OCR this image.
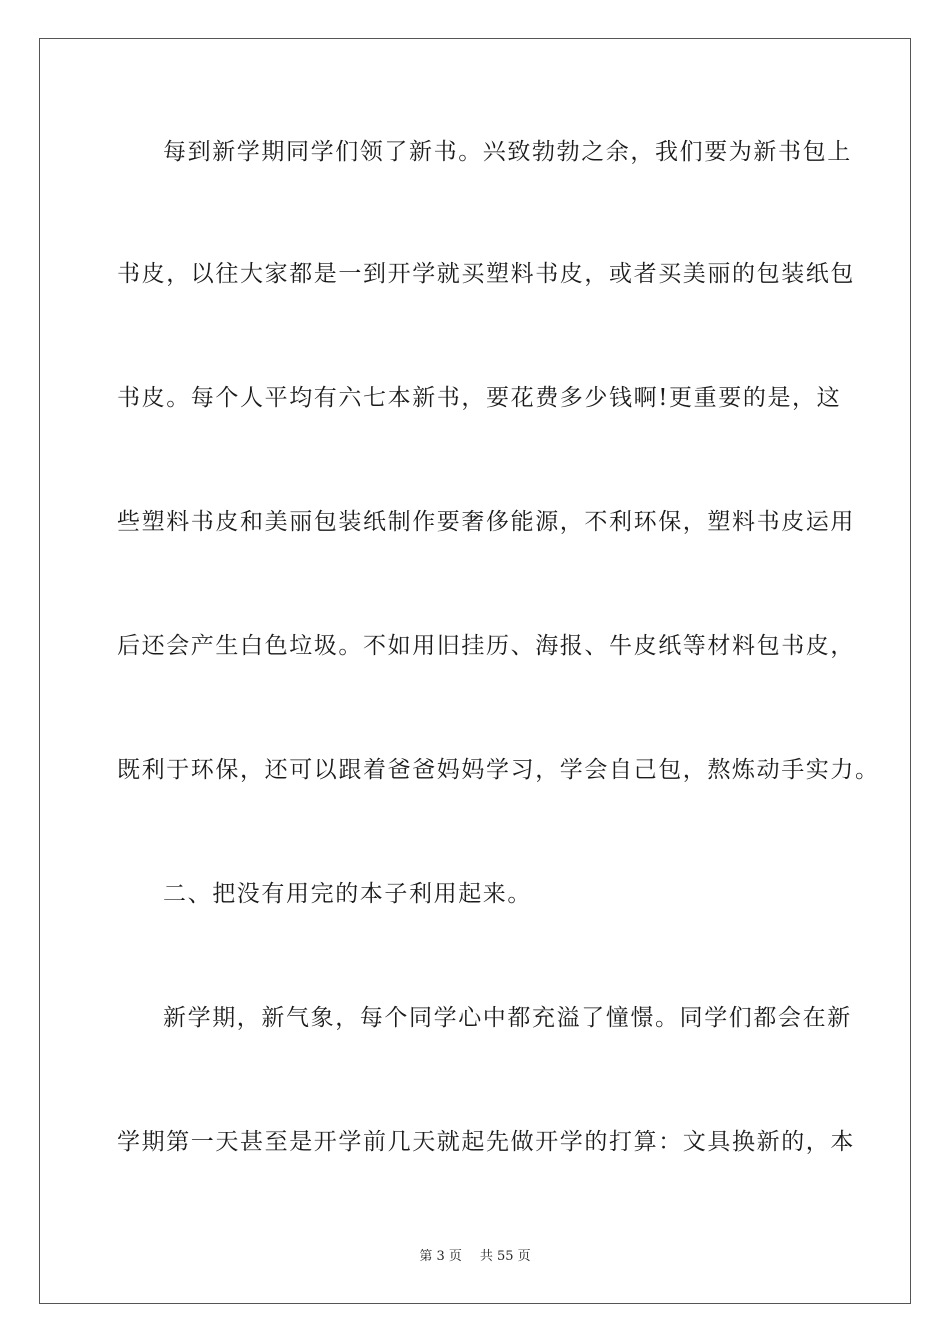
每到新学期同学们领了新书。兴致勃勃之余，我们要为新书包上
书皮，以往大家都是一到开学就买塑料书皮，或者买美丽的包装纸包
书皮。每个人平均有六七本新书，要花费多少钱啊!更重要的是，这
些塑料书皮和美丽包装纸制作要奢侈能源，不利环保，塑料书皮运用
后还会产生白色垃圾。不如用旧挂历、海报、牛皮纸等材料包书皮，
既利于环保，还可以跟着爸爸妈妈学习，学会自己包，熬炼动手实力。
二、把没有用完的本子利用起来。
新学期，新气象，每个同学心中都充溢了憧憬。同学们都会在新
学期第一天甚至是开学前几天就起先做开学的打算：文具换新的，本
第 3 页 共 55 页
